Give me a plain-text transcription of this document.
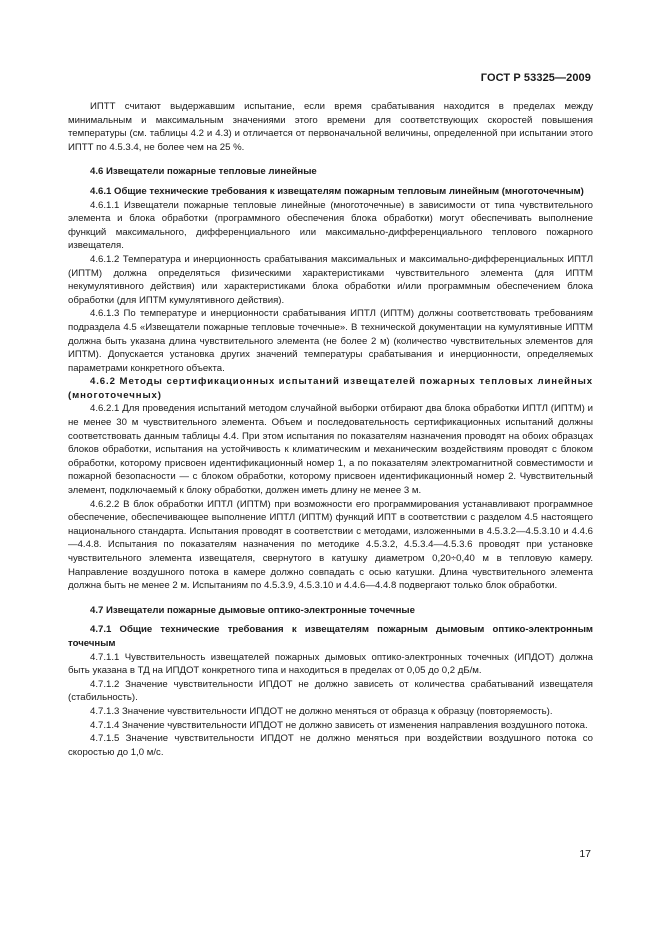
ГОСТ Р 53325—2009

ИПТТ считают выдержавшим испытание, если время срабатывания находится в пределах между минимальным и максимальным значениями этого времени для соответствующих скоростей повышения температуры (см. таблицы 4.2 и 4.3) и отличается от первоначальной величины, определенной при испытании этого ИПТТ по 4.5.3.4, не более чем на 25 %.

4.6 Извещатели пожарные тепловые линейные

4.6.1 Общие технические требования к извещателям пожарным тепловым линейным (многоточечным)

4.6.1.1 Извещатели пожарные тепловые линейные (многоточечные) в зависимости от типа чувствительного элемента и блока обработки (программного обеспечения блока обработки) могут обеспечивать выполнение функций максимального, дифференциального или максимально-дифференциального теплового пожарного извещателя.

4.6.1.2 Температура и инерционность срабатывания максимальных и максимально-дифференциальных ИПТЛ (ИПТМ) должна определяться физическими характеристиками чувствительного элемента (для ИПТМ некумулятивного действия) или характеристиками блока обработки и/или программным обеспечением блока обработки (для ИПТМ кумулятивного действия).

4.6.1.3 По температуре и инерционности срабатывания ИПТЛ (ИПТМ) должны соответствовать требованиям подраздела 4.5 «Извещатели пожарные тепловые точечные». В технической документации на кумулятивные ИПТМ должна быть указана длина чувствительного элемента (не более 2 м) (количество чувствительных элементов для ИПТМ). Допускается установка других значений температуры срабатывания и инерционности, определяемых параметрами конкретного объекта.

4.6.2 Методы сертификационных испытаний извещателей пожарных тепловых линейных (многоточечных)

4.6.2.1 Для проведения испытаний методом случайной выборки отбирают два блока обработки ИПТЛ (ИПТМ) и не менее 30 м чувствительного элемента. Объем и последовательность сертификационных испытаний должны соответствовать данным таблицы 4.4. При этом испытания по показателям назначения проводят на обоих образцах блоков обработки, испытания на устойчивость к климатическим и механическим воздействиям проводят с блоком обработки, которому присвоен идентификационный номер 1, а по показателям электромагнитной совместимости и пожарной безопасности — с блоком обработки, которому присвоен идентификационный номер 2. Чувствительный элемент, подключаемый к блоку обработки, должен иметь длину не менее 3 м.

4.6.2.2 В блок обработки ИПТЛ (ИПТМ) при возможности его программирования устанавливают программное обеспечение, обеспечивающее выполнение ИПТЛ (ИПТМ) функций ИПТ в соответствии с разделом 4.5 настоящего национального стандарта. Испытания проводят в соответствии с методами, изложенными в 4.5.3.2—4.5.3.10 и 4.4.6—4.4.8. Испытания по показателям назначения по методике 4.5.3.2, 4.5.3.4—4.5.3.6 проводят при установке чувствительного элемента извещателя, свернутого в катушку диаметром 0,20÷0,40 м в тепловую камеру. Направление воздушного потока в камере должно совпадать с осью катушки. Длина чувствительного элемента должна быть не менее 2 м. Испытаниям по 4.5.3.9, 4.5.3.10 и 4.4.6—4.4.8 подвергают только блок обработки.

4.7 Извещатели пожарные дымовые оптико-электронные точечные

4.7.1 Общие технические требования к извещателям пожарным дымовым оптико-электронным точечным

4.7.1.1 Чувствительность извещателей пожарных дымовых оптико-электронных точечных (ИПДОТ) должна быть указана в ТД на ИПДОТ конкретного типа и находиться в пределах от 0,05 до 0,2 дБ/м.

4.7.1.2 Значение чувствительности ИПДОТ не должно зависеть от количества срабатываний извещателя (стабильность).

4.7.1.3 Значение чувствительности ИПДОТ не должно меняться от образца к образцу (повторяемость).

4.7.1.4 Значение чувствительности ИПДОТ не должно зависеть от изменения направления воздушного потока.

4.7.1.5 Значение чувствительности ИПДОТ не должно меняться при воздействии воздушного потока со скоростью до 1,0 м/с.

17
